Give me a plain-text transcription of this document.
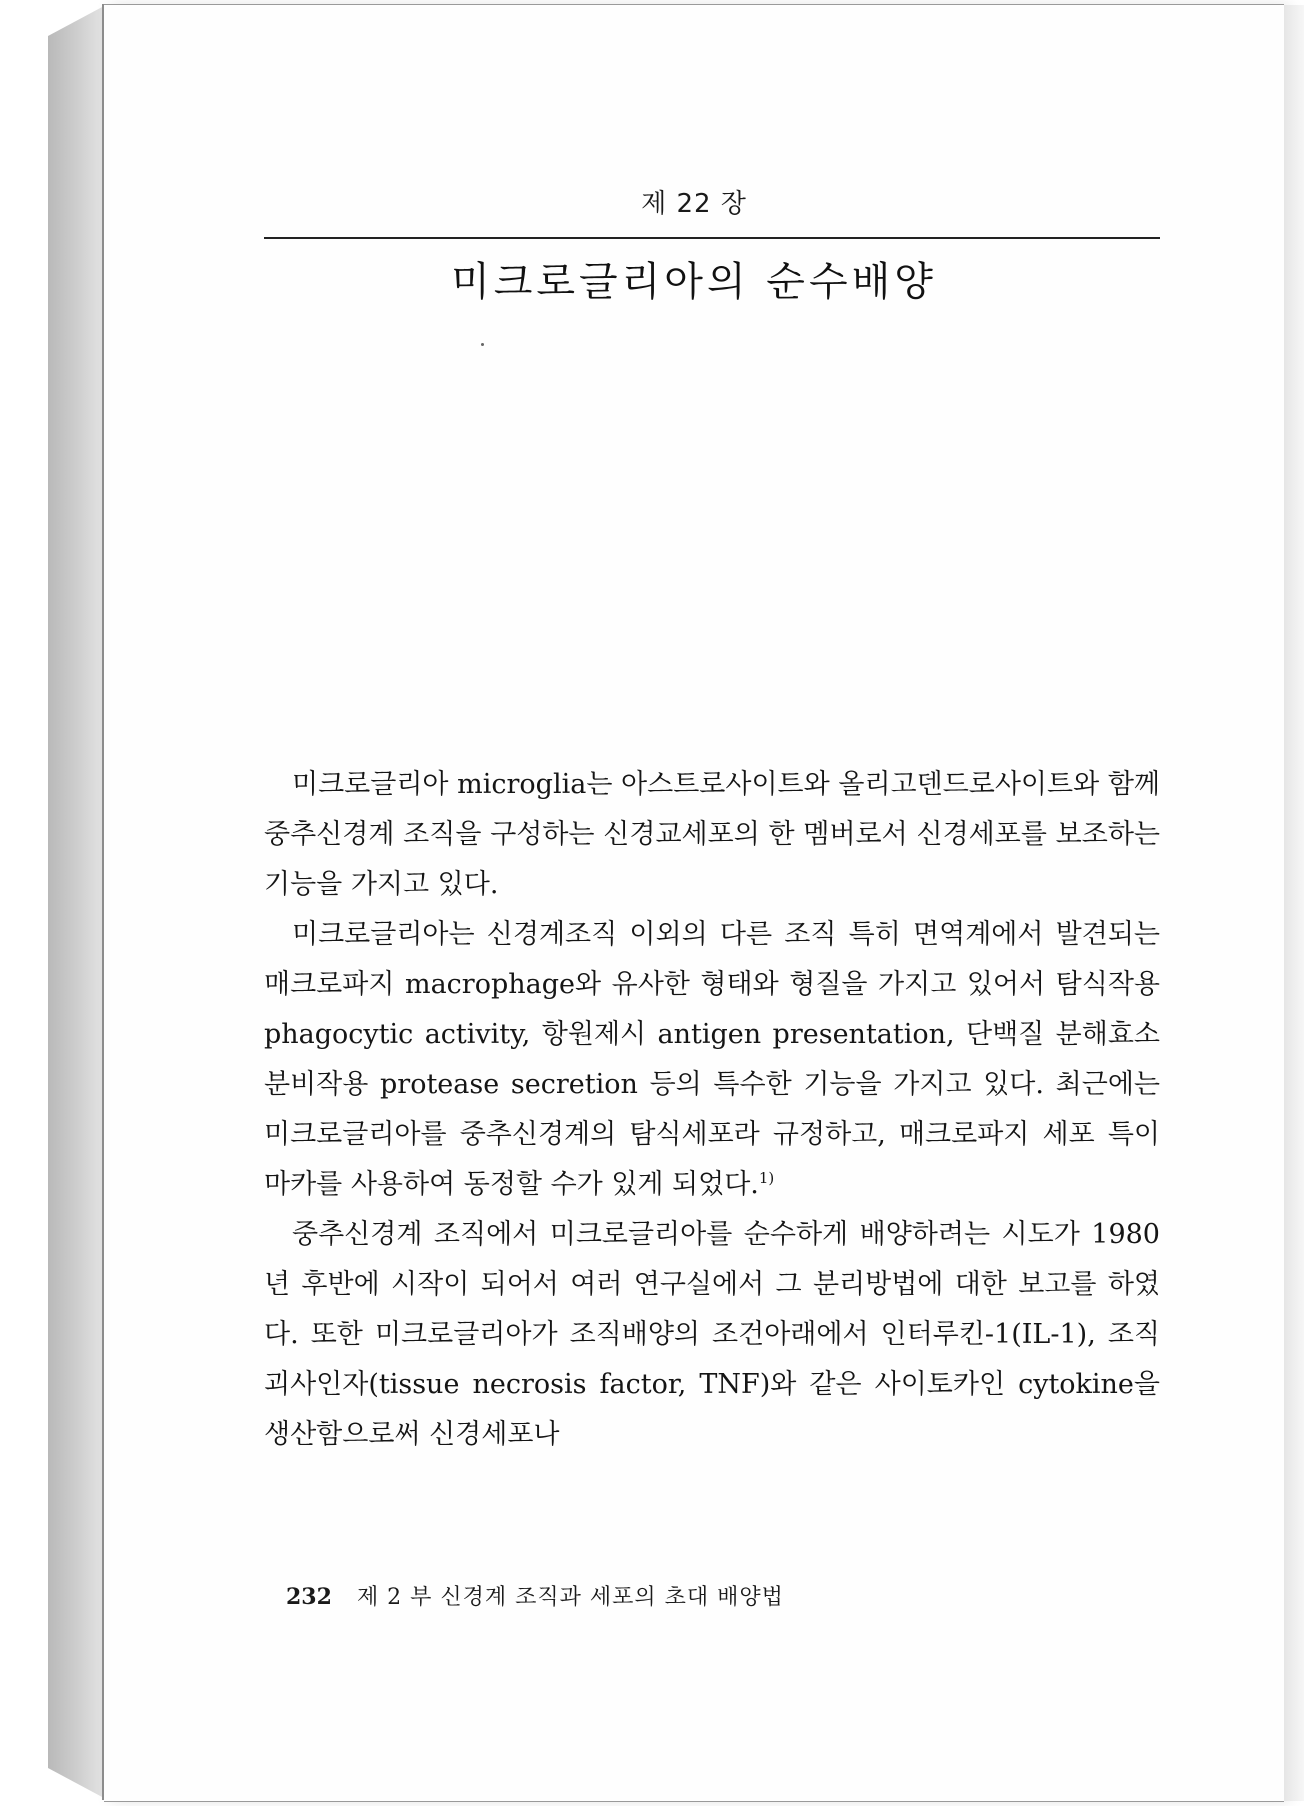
제 22 장
미크로글리아의 순수배양

미크로글리아 microglia는 아스트로사이트와 올리고덴드로사이트와 함께 중추신경계 조직을 구성하는 신경교세포의 한 멤버로서 신경세포를 보조하는 기능을 가지고 있다.

미크로글리아는 신경계조직 이외의 다른 조직 특히 면역계에서 발견되는 매크로파지 macrophage와 유사한 형태와 형질을 가지고 있어서 탐식작용 phagocytic activity, 항원제시 antigen presentation, 단백질 분해효소 분비작용 protease secretion 등의 특수한 기능을 가지고 있다. 최근에는 미크로글리아를 중추신경계의 탐식세포라 규정하고, 매크로파지 세포 특이 마카를 사용하여 동정할 수가 있게 되었다.$^{1)}$

중추신경계 조직에서 미크로글리아를 순수하게 배양하려는 시도가 1980년 후반에 시작이 되어서 여러 연구실에서 그 분리방법에 대한 보고를 하였다. 또한 미크로글리아가 조직배양의 조건아래에서 인터루킨-1(IL-1), 조직괴사인자(tissue necrosis factor, TNF)와 같은 사이토카인 cytokine을 생산함으로써 신경세포나

232 제 2 부 신경계 조직과 세포의 초대 배양법
